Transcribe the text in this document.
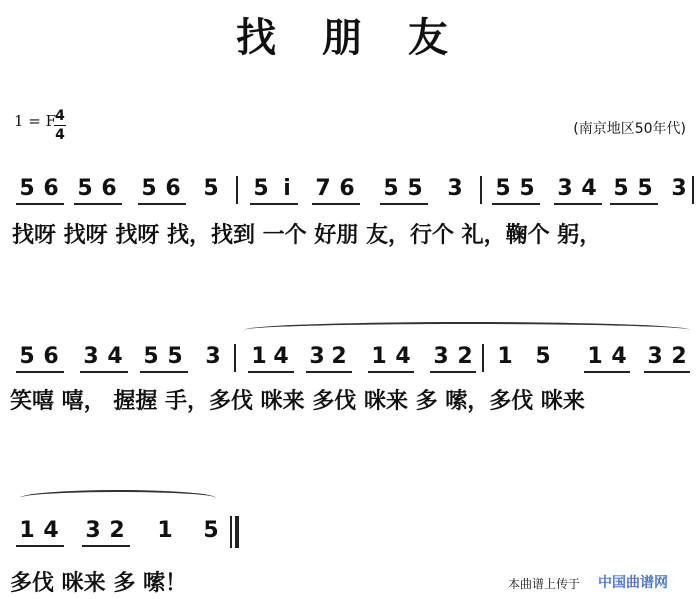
找 朋 友
1 = F 4
4	(南京地区50年代)
5 6 5 6	5 6	5	5 i	7 6	5 5	3	5 5	3 4 5 5 3
找呀 找呀 找呀 找，找到 一个 好朋 友，行个 礼，鞠个 躬，
5 6	3 4 5 5	3	1 4 3 2	1 4	3 2	1	5	1 4 3 2
笑嘻 嘻， 握握 手，多伐 咪来 多伐 咪来 多 嗦，多伐 咪来
1 4	3 2	1	5
多伐 咪来 多 嗦！	本曲谱上传于 中国曲谱网
